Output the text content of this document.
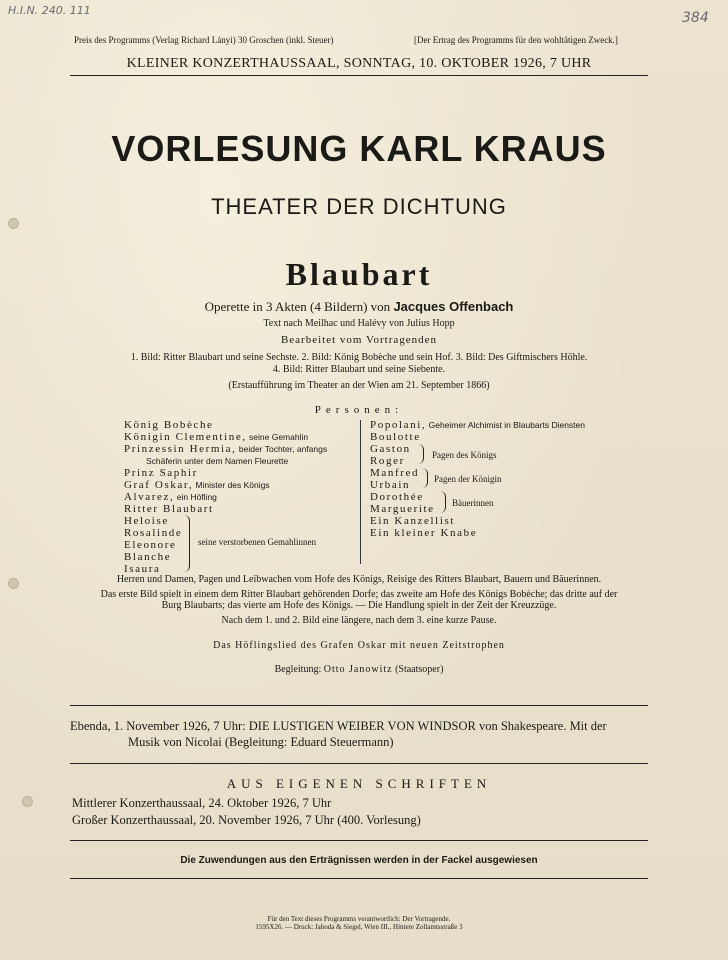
H.I.N. 240. 111	384
Preis des Programms (Verlag Richard Lányi) 30 Groschen (inkl. Steuer)	[Der Ertrag des Programms für den wohltätigen Zweck.]
KLEINER KONZERTHAUSSAAL, SONNTAG, 10. OKTOBER 1926, 7 UHR
VORLESUNG KARL KRAUS
THEATER DER DICHTUNG
Blaubart
Operette in 3 Akten (4 Bildern) von Jacques Offenbach
Text nach Meilhac und Halévy von Julius Hopp
Bearbeitet vom Vortragenden
1. Bild: Ritter Blaubart und seine Sechste. 2. Bild: König Bobèche und sein Hof. 3. Bild: Des Giftmischers Höhle.
4. Bild: Ritter Blaubart und seine Siebente.
(Erstaufführung im Theater an der Wien am 21. September 1866)
Personen:
König Bobèche
Königin Clementine, seine Gemahlin
Prinzessin Hermia, beider Tochter, anfangs
Schäferin unter dem Namen Fleurette
Prinz Saphir
Graf Oskar, Minister des Königs
Alvarez, ein Höfling
Ritter Blaubart
Heloise
Rosalinde
Eleonore
Blanche
Isaura
seine verstorbenen Gemahlinnen
Popolani, Geheimer Alchimist in Blaubarts Diensten
Boulotte
Gaston
Roger
Manfred
Urbain
Dorothée
Marguerite
Ein Kanzellist
Ein kleiner Knabe
Pagen des Königs
Pagen der Königin
Bäuerinnen
Herren und Damen, Pagen und Leibwachen vom Hofe des Königs, Reisige des Ritters Blaubart, Bauern und Bäuerinnen.
Das erste Bild spielt in einem dem Ritter Blaubart gehörenden Dorfe; das zweite am Hofe des Königs Bobèche; das dritte auf der
Burg Blaubarts; das vierte am Hofe des Königs. — Die Handlung spielt in der Zeit der Kreuzzüge.
Nach dem 1. und 2. Bild eine längere, nach dem 3. eine kurze Pause.
Das Höflingslied des Grafen Oskar mit neuen Zeitstrophen
Begleitung: Otto Janowitz (Staatsoper)
Ebenda, 1. November 1926, 7 Uhr: DIE LUSTIGEN WEIBER VON WINDSOR von Shakespeare. Mit der
Musik von Nicolai (Begleitung: Eduard Steuermann)
AUS EIGENEN SCHRIFTEN
Mittlerer Konzerthaussaal, 24. Oktober 1926, 7 Uhr
Großer Konzerthaussaal, 20. November 1926, 7 Uhr (400. Vorlesung)
Die Zuwendungen aus den Erträgnissen werden in der Fackel ausgewiesen
Für den Text dieses Programms verantwortlich: Der Vortragende.
1595X26. — Druck: Jahoda & Siegel, Wien III., Hintere Zollamtsstraße 3
